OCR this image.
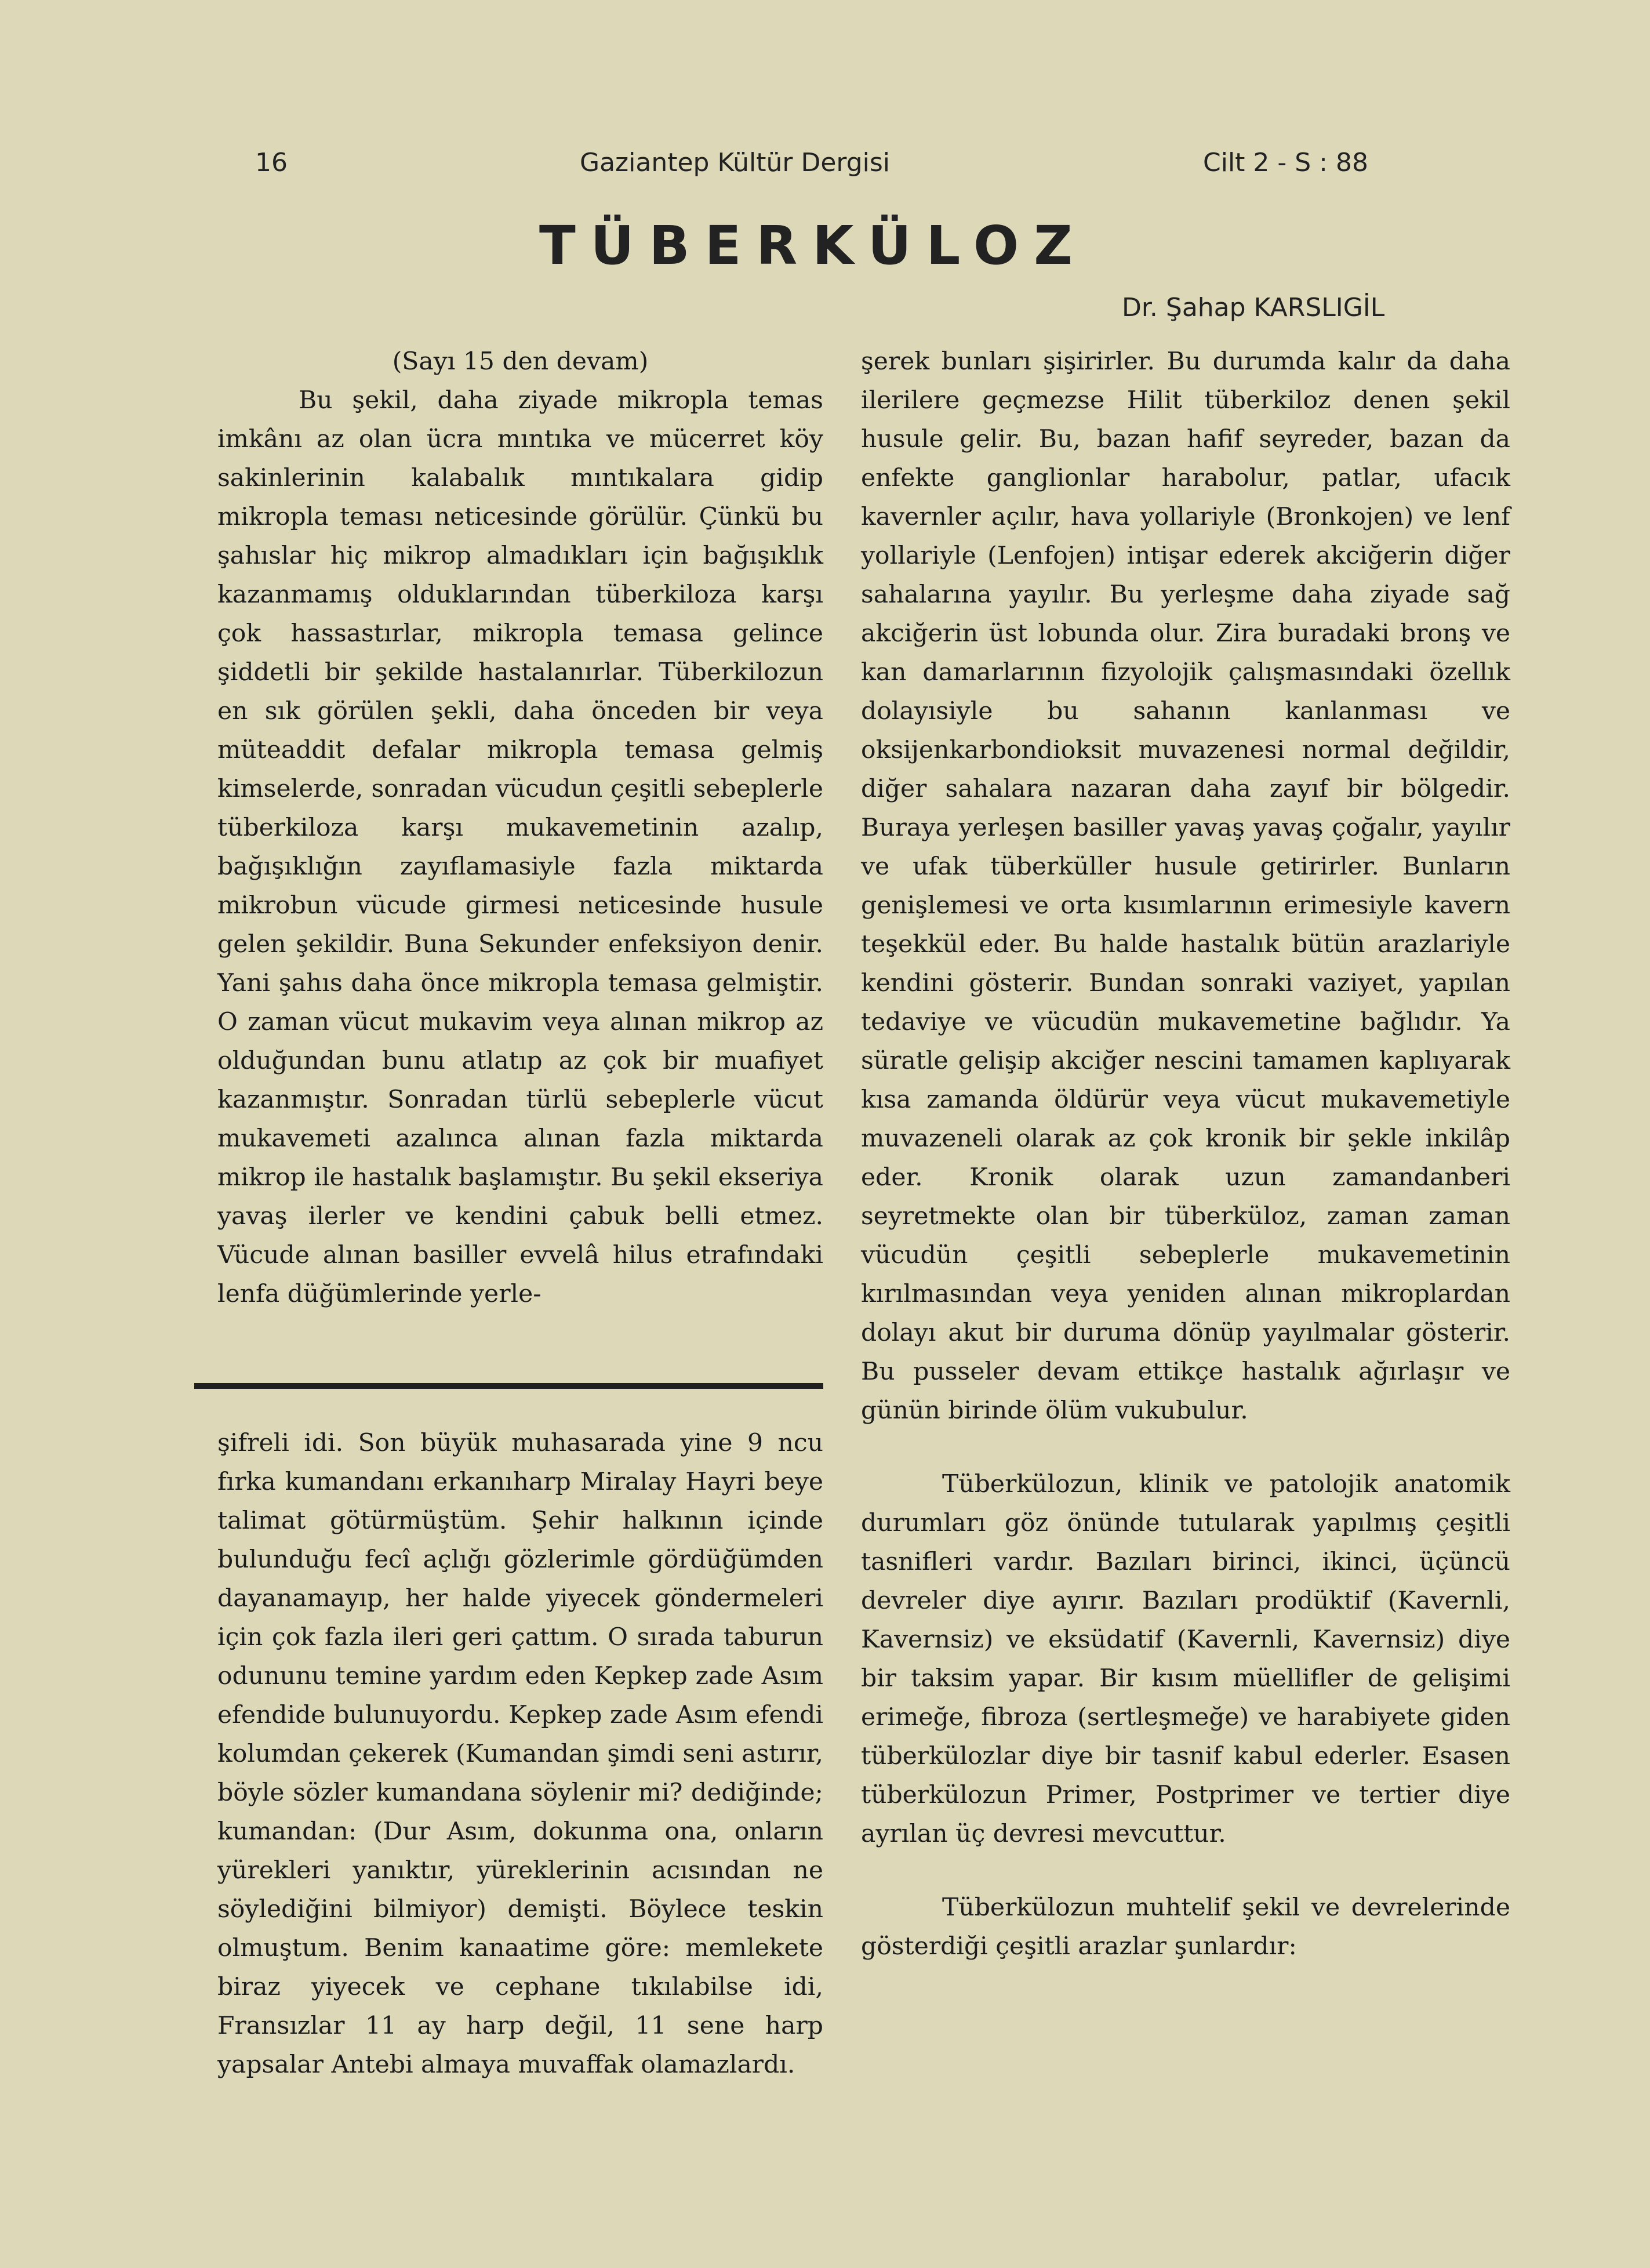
16	Gaziantep Kültür Dergisi	Cilt 2 - S : 88
TÜBERKÜLOZ
Dr. Şahap KARSLIGİL

(Sayı 15 den devam)

Bu şekil, daha ziyade mikropla temas imkânı az olan ücra mıntıka ve mücerret köy sakinlerinin kalabalık mıntıkalara gidip mikropla teması neticesinde görülür. Çünkü bu şahıslar hiç mikrop almadıkları için bağışıklık kazanmamış olduklarından tüberkiloza karşı çok hassastırlar, mikropla temasa gelince şiddetli bir şekilde hastalanırlar. Tüberkilozun en sık görülen şekli, daha önceden bir veya müteaddit defalar mikropla temasa gelmiş kimselerde, sonradan vücudun çeşitli sebeplerle tüberkiloza karşı mukavemetinin azalıp, bağışıklığın zayıflamasiyle fazla miktarda mikrobun vücude girmesi neticesinde husule gelen şekildir. Buna Sekunder enfeksiyon denir. Yani şahıs daha önce mikropla temasa gelmiştir. O zaman vücut mukavim veya alınan mikrop az olduğundan bunu atlatıp az çok bir muafiyet kazanmıştır. Sonradan türlü sebeplerle vücut mukavemeti azalınca alınan fazla miktarda mikrop ile hastalık başlamıştır. Bu şekil ekseriya yavaş ilerler ve kendini çabuk belli etmez. Vücude alınan basiller evvelâ hilus etrafındaki lenfa düğümlerinde yerle-

şifreli idi. Son büyük muhasarada yine 9 ncu fırka kumandanı erkanıharp Miralay Hayri beye talimat götürmüştüm. Şehir halkının içinde bulunduğu fecî açlığı gözlerimle gördüğümden dayanamayıp, her halde yiyecek göndermeleri için çok fazla ileri geri çattım. O sırada taburun odununu temine yardım eden Kepkep zade Asım efendide bulunuyordu. Kepkep zade Asım efendi kolumdan çekerek (Kumandan şimdi seni astırır, böyle sözler kumandana söylenir mi? dediğinde; kumandan: (Dur Asım, dokunma ona, onların yürekleri yanıktır, yüreklerinin acısından ne söylediğini bilmiyor) demişti. Böylece teskin olmuştum. Benim kanaatime göre: memlekete biraz yiyecek ve cephane tıkılabilse idi, Fransızlar 11 ay harp değil, 11 sene harp yapsalar Antebi almaya muvaffak olamazlardı.

şerek bunları şişirirler. Bu durumda kalır da daha ilerilere geçmezse Hilit tüberkiloz denen şekil husule gelir. Bu, bazan hafif seyreder, bazan da enfekte ganglionlar harabolur, patlar, ufacık kavernler açılır, hava yollariyle (Bronkojen) ve lenf yollariyle (Lenfojen) intişar ederek akciğerin diğer sahalarına yayılır. Bu yerleşme daha ziyade sağ akciğerin üst lobunda olur. Zira buradaki bronş ve kan damarlarının fizyolojik çalışmasındaki özellık dolayısiyle bu sahanın kanlanması ve oksijenkarbondioksit muvazenesi normal değildir, diğer sahalara nazaran daha zayıf bir bölgedir. Buraya yerleşen basiller yavaş yavaş çoğalır, yayılır ve ufak tüberküller husule getirirler. Bunların genişlemesi ve orta kısımlarının erimesiyle kavern teşekkül eder. Bu halde hastalık bütün arazlariyle kendini gösterir. Bundan sonraki vaziyet, yapılan tedaviye ve vücudün mukavemetine bağlıdır. Ya süratle gelişip akciğer nescini tamamen kaplıyarak kısa zamanda öldürür veya vücut mukavemetiyle muvazeneli olarak az çok kronik bir şekle inkilâp eder. Kronik olarak uzun zamandanberi seyretmekte olan bir tüberküloz, zaman zaman vücudün çeşitli sebeplerle mukavemetinin kırılmasından veya yeniden alınan mikroplardan dolayı akut bir duruma dönüp yayılmalar gösterir. Bu pusseler devam ettikçe hastalık ağırlaşır ve günün birinde ölüm vukubulur.

Tüberkülozun, klinik ve patolojik anatomik durumları göz önünde tutularak yapılmış çeşitli tasnifleri vardır. Bazıları birinci, ikinci, üçüncü devreler diye ayırır. Bazıları prodüktif (Kavernli, Kavernsiz) ve eksüdatif (Kavernli, Kavernsiz) diye bir taksim yapar. Bir kısım müellifler de gelişimi erimeğe, fibroza (sertleşmeğe) ve harabiyete giden tüberkülozlar diye bir tasnif kabul ederler. Esasen tüberkülozun Primer, Postprimer ve tertier diye ayrılan üç devresi mevcuttur.

Tüberkülozun muhtelif şekil ve devrelerinde gösterdiği çeşitli arazlar şunlardır:
